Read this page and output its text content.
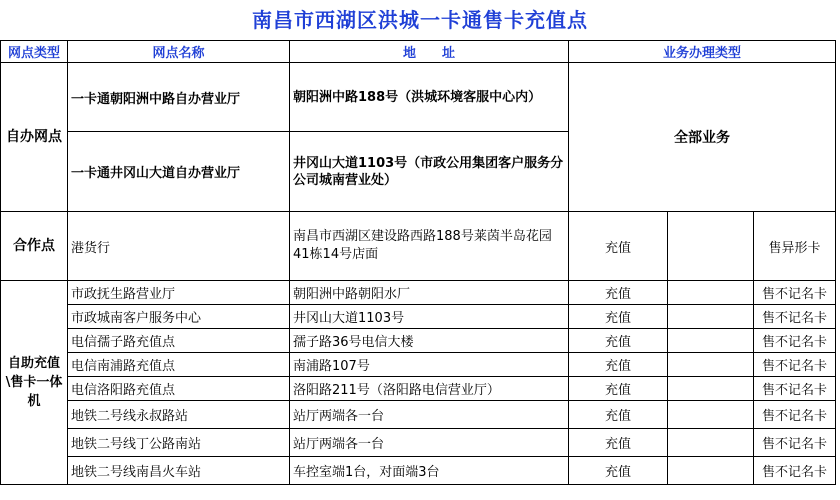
南昌市西湖区洪城一卡通售卡充值点
网点类型	网点名称	地　　址	业务办理类型		
自办网点	一卡通朝阳洲中路自办营业厅	朝阳洲中路188号（洪城环境客服中心内）	全部业务		
	一卡通井冈山大道自办营业厅	井冈山大道1103号（市政公用集团客户服务分公司城南营业处）			
合作点	港货行	南昌市西湖区建设路西路188号莱茵半岛花园41栋14号店面	充值		售异形卡
自助充值\售卡一体机	市政抚生路营业厅	朝阳洲中路朝阳水厂	充值		售不记名卡
	市政城南客户服务中心	井冈山大道1103号	充值		售不记名卡
	电信孺子路充值点	孺子路36号电信大楼	充值		售不记名卡
	电信南浦路充值点	南浦路107号	充值		售不记名卡
	电信洛阳路充值点	洛阳路211号（洛阳路电信营业厅）	充值		售不记名卡
	地铁二号线永叔路站	站厅两端各一台	充值		售不记名卡
	地铁二号线丁公路南站	站厅两端各一台	充值		售不记名卡
	地铁二号线南昌火车站	车控室端1台，对面端3台	充值		售不记名卡
